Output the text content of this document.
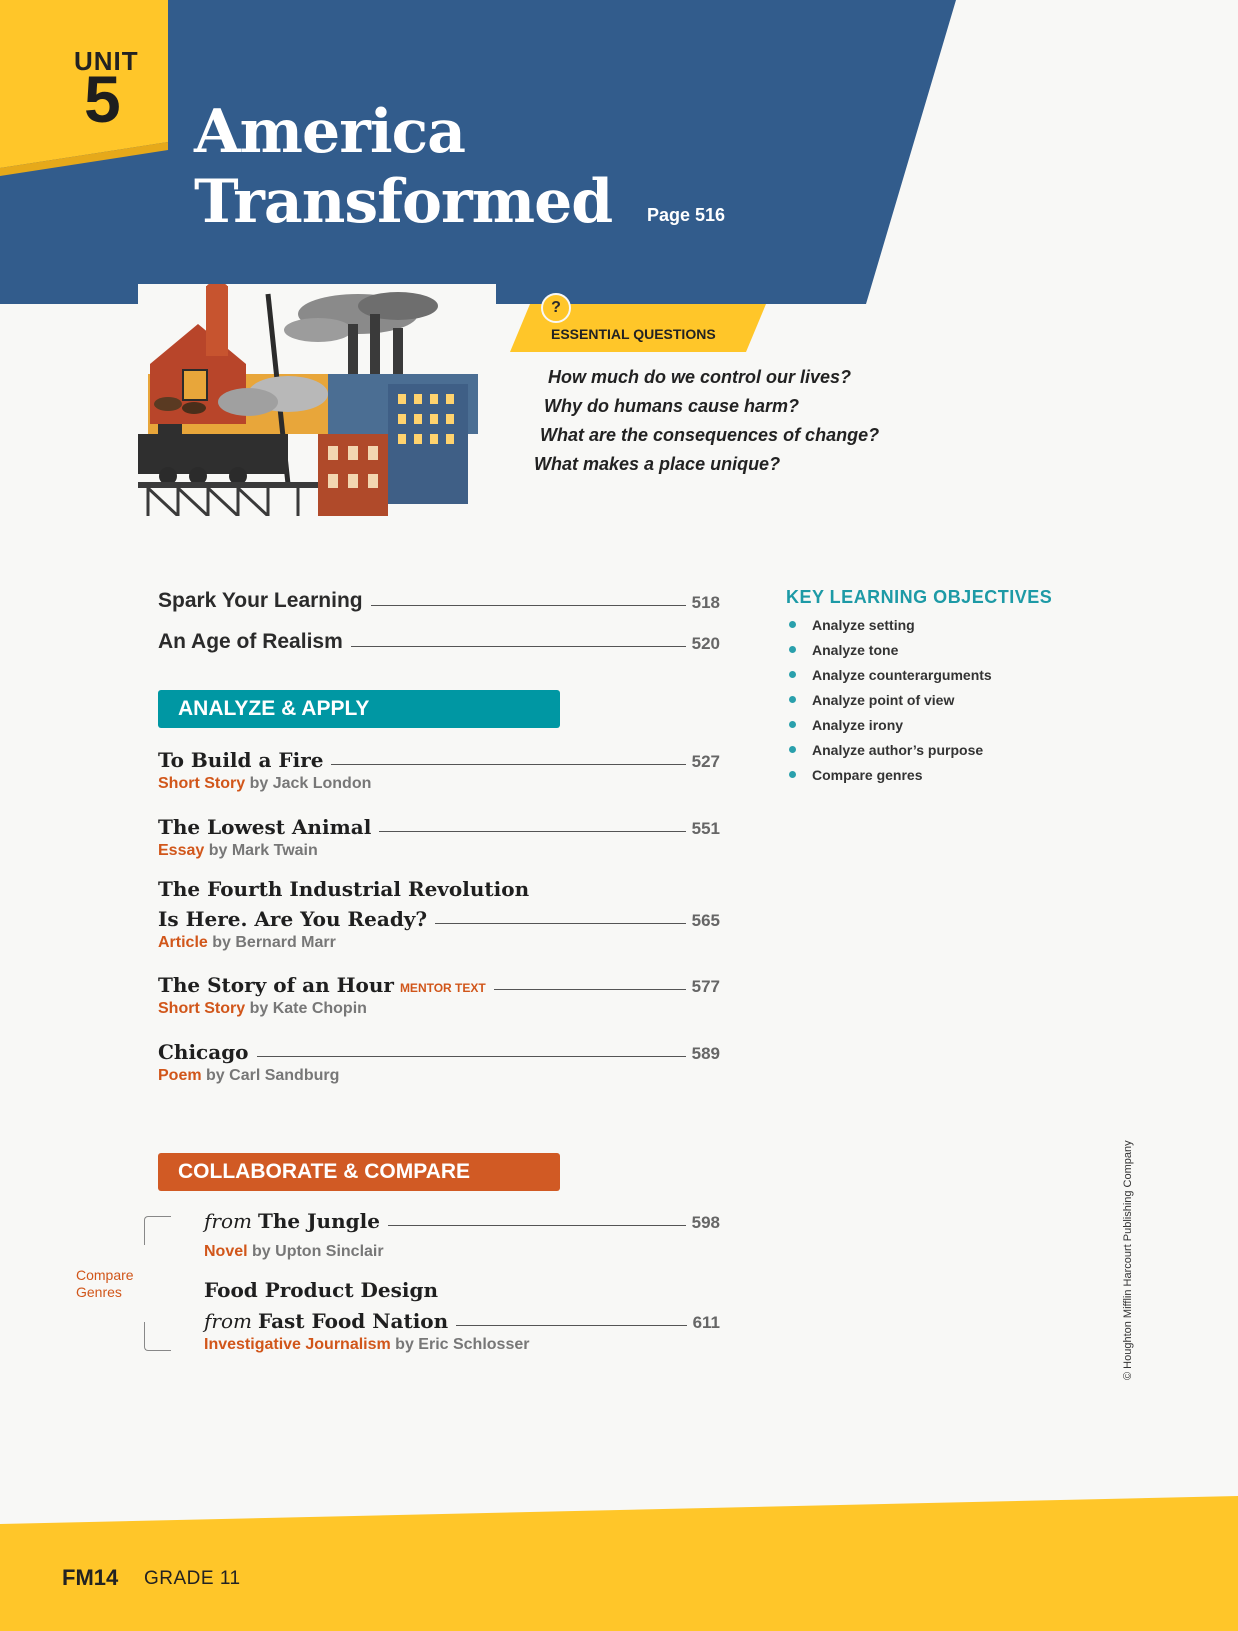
UNIT
5 America
Transformed Page 516
?
ESSENTIAL QUESTIONS
How much do we control our lives?
Why do humans cause harm?
What are the consequences of change?
What makes a place unique?
Spark Your Learning	518
An Age of Realism	520
ANALYZE & APPLY
To Build a Fire	527
Short Story by Jack London
The Lowest Animal	551
Essay by Mark Twain
The Fourth Industrial Revolution
Is Here. Are You Ready?	565
Article by Bernard Marr
The Story of an Hour MENTOR TEXT	577
Short Story by Kate Chopin
Chicago	589
Poem by Carl Sandburg
COLLABORATE & COMPARE
Compare
Genres
from The Jungle	598
Novel by Upton Sinclair
Food Product Design
from Fast Food Nation	611
Investigative Journalism by Eric Schlosser
KEY LEARNING OBJECTIVES
Analyze setting
Analyze tone
Analyze counterarguments
Analyze point of view
Analyze irony
Analyze author’s purpose
Compare genres
© Houghton Mifflin Harcourt Publishing Company
FM14 GRADE 11
